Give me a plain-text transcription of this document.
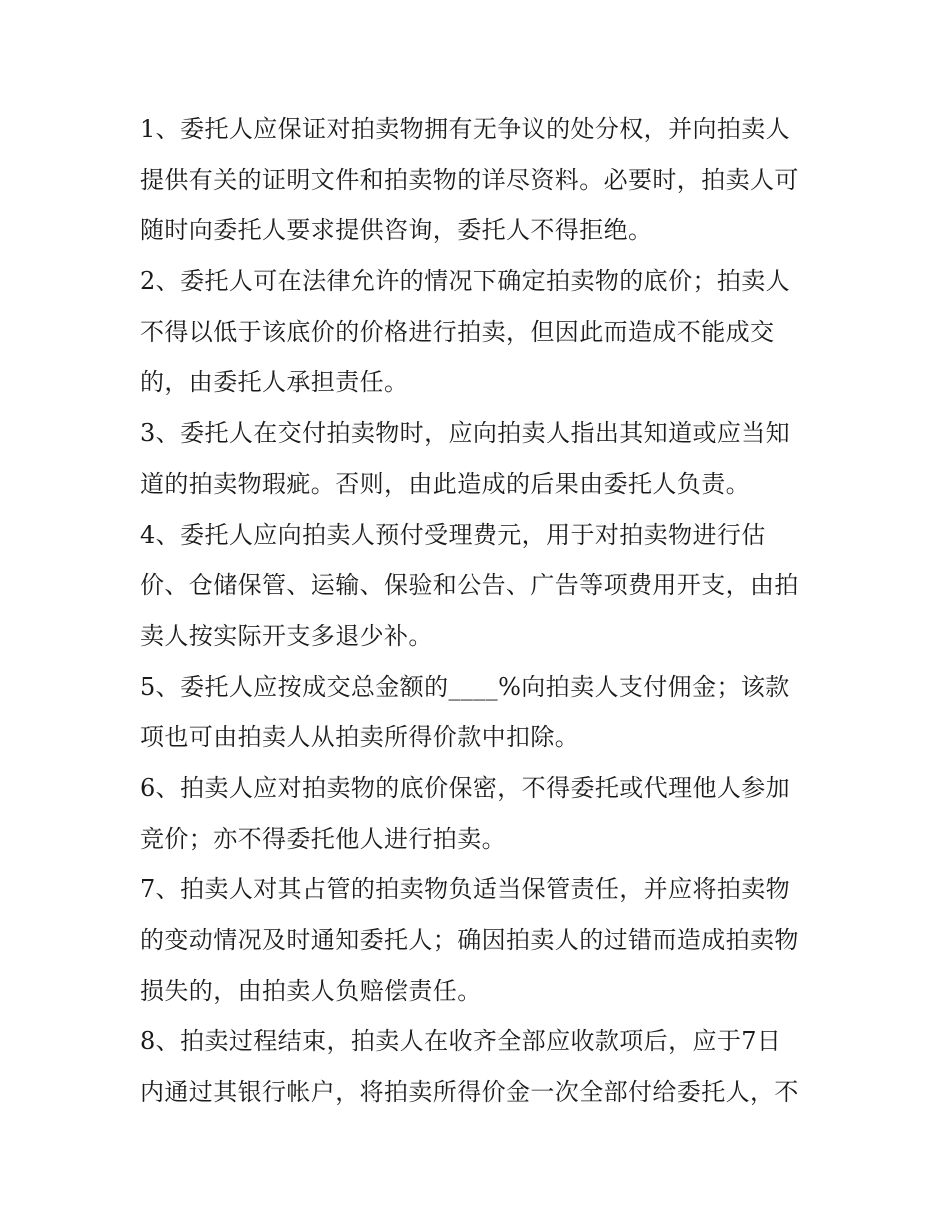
1、委托人应保证对拍卖物拥有无争议的处分权，并向拍卖人
提供有关的证明文件和拍卖物的详尽资料。必要时，拍卖人可
随时向委托人要求提供咨询，委托人不得拒绝。
2、委托人可在法律允许的情况下确定拍卖物的底价；拍卖人
不得以低于该底价的价格进行拍卖，但因此而造成不能成交
的，由委托人承担责任。
3、委托人在交付拍卖物时，应向拍卖人指出其知道或应当知
道的拍卖物瑕疵。否则，由此造成的后果由委托人负责。
4、委托人应向拍卖人预付受理费元，用于对拍卖物进行估
价、仓储保管、运输、保验和公告、广告等项费用开支，由拍
卖人按实际开支多退少补。
5、委托人应按成交总金额的____%向拍卖人支付佣金；该款
项也可由拍卖人从拍卖所得价款中扣除。
6、拍卖人应对拍卖物的底价保密，不得委托或代理他人参加
竞价；亦不得委托他人进行拍卖。
7、拍卖人对其占管的拍卖物负适当保管责任，并应将拍卖物
的变动情况及时通知委托人；确因拍卖人的过错而造成拍卖物
损失的，由拍卖人负赔偿责任。
8、拍卖过程结束，拍卖人在收齐全部应收款项后，应于7日
内通过其银行帐户，将拍卖所得价金一次全部付给委托人，不
